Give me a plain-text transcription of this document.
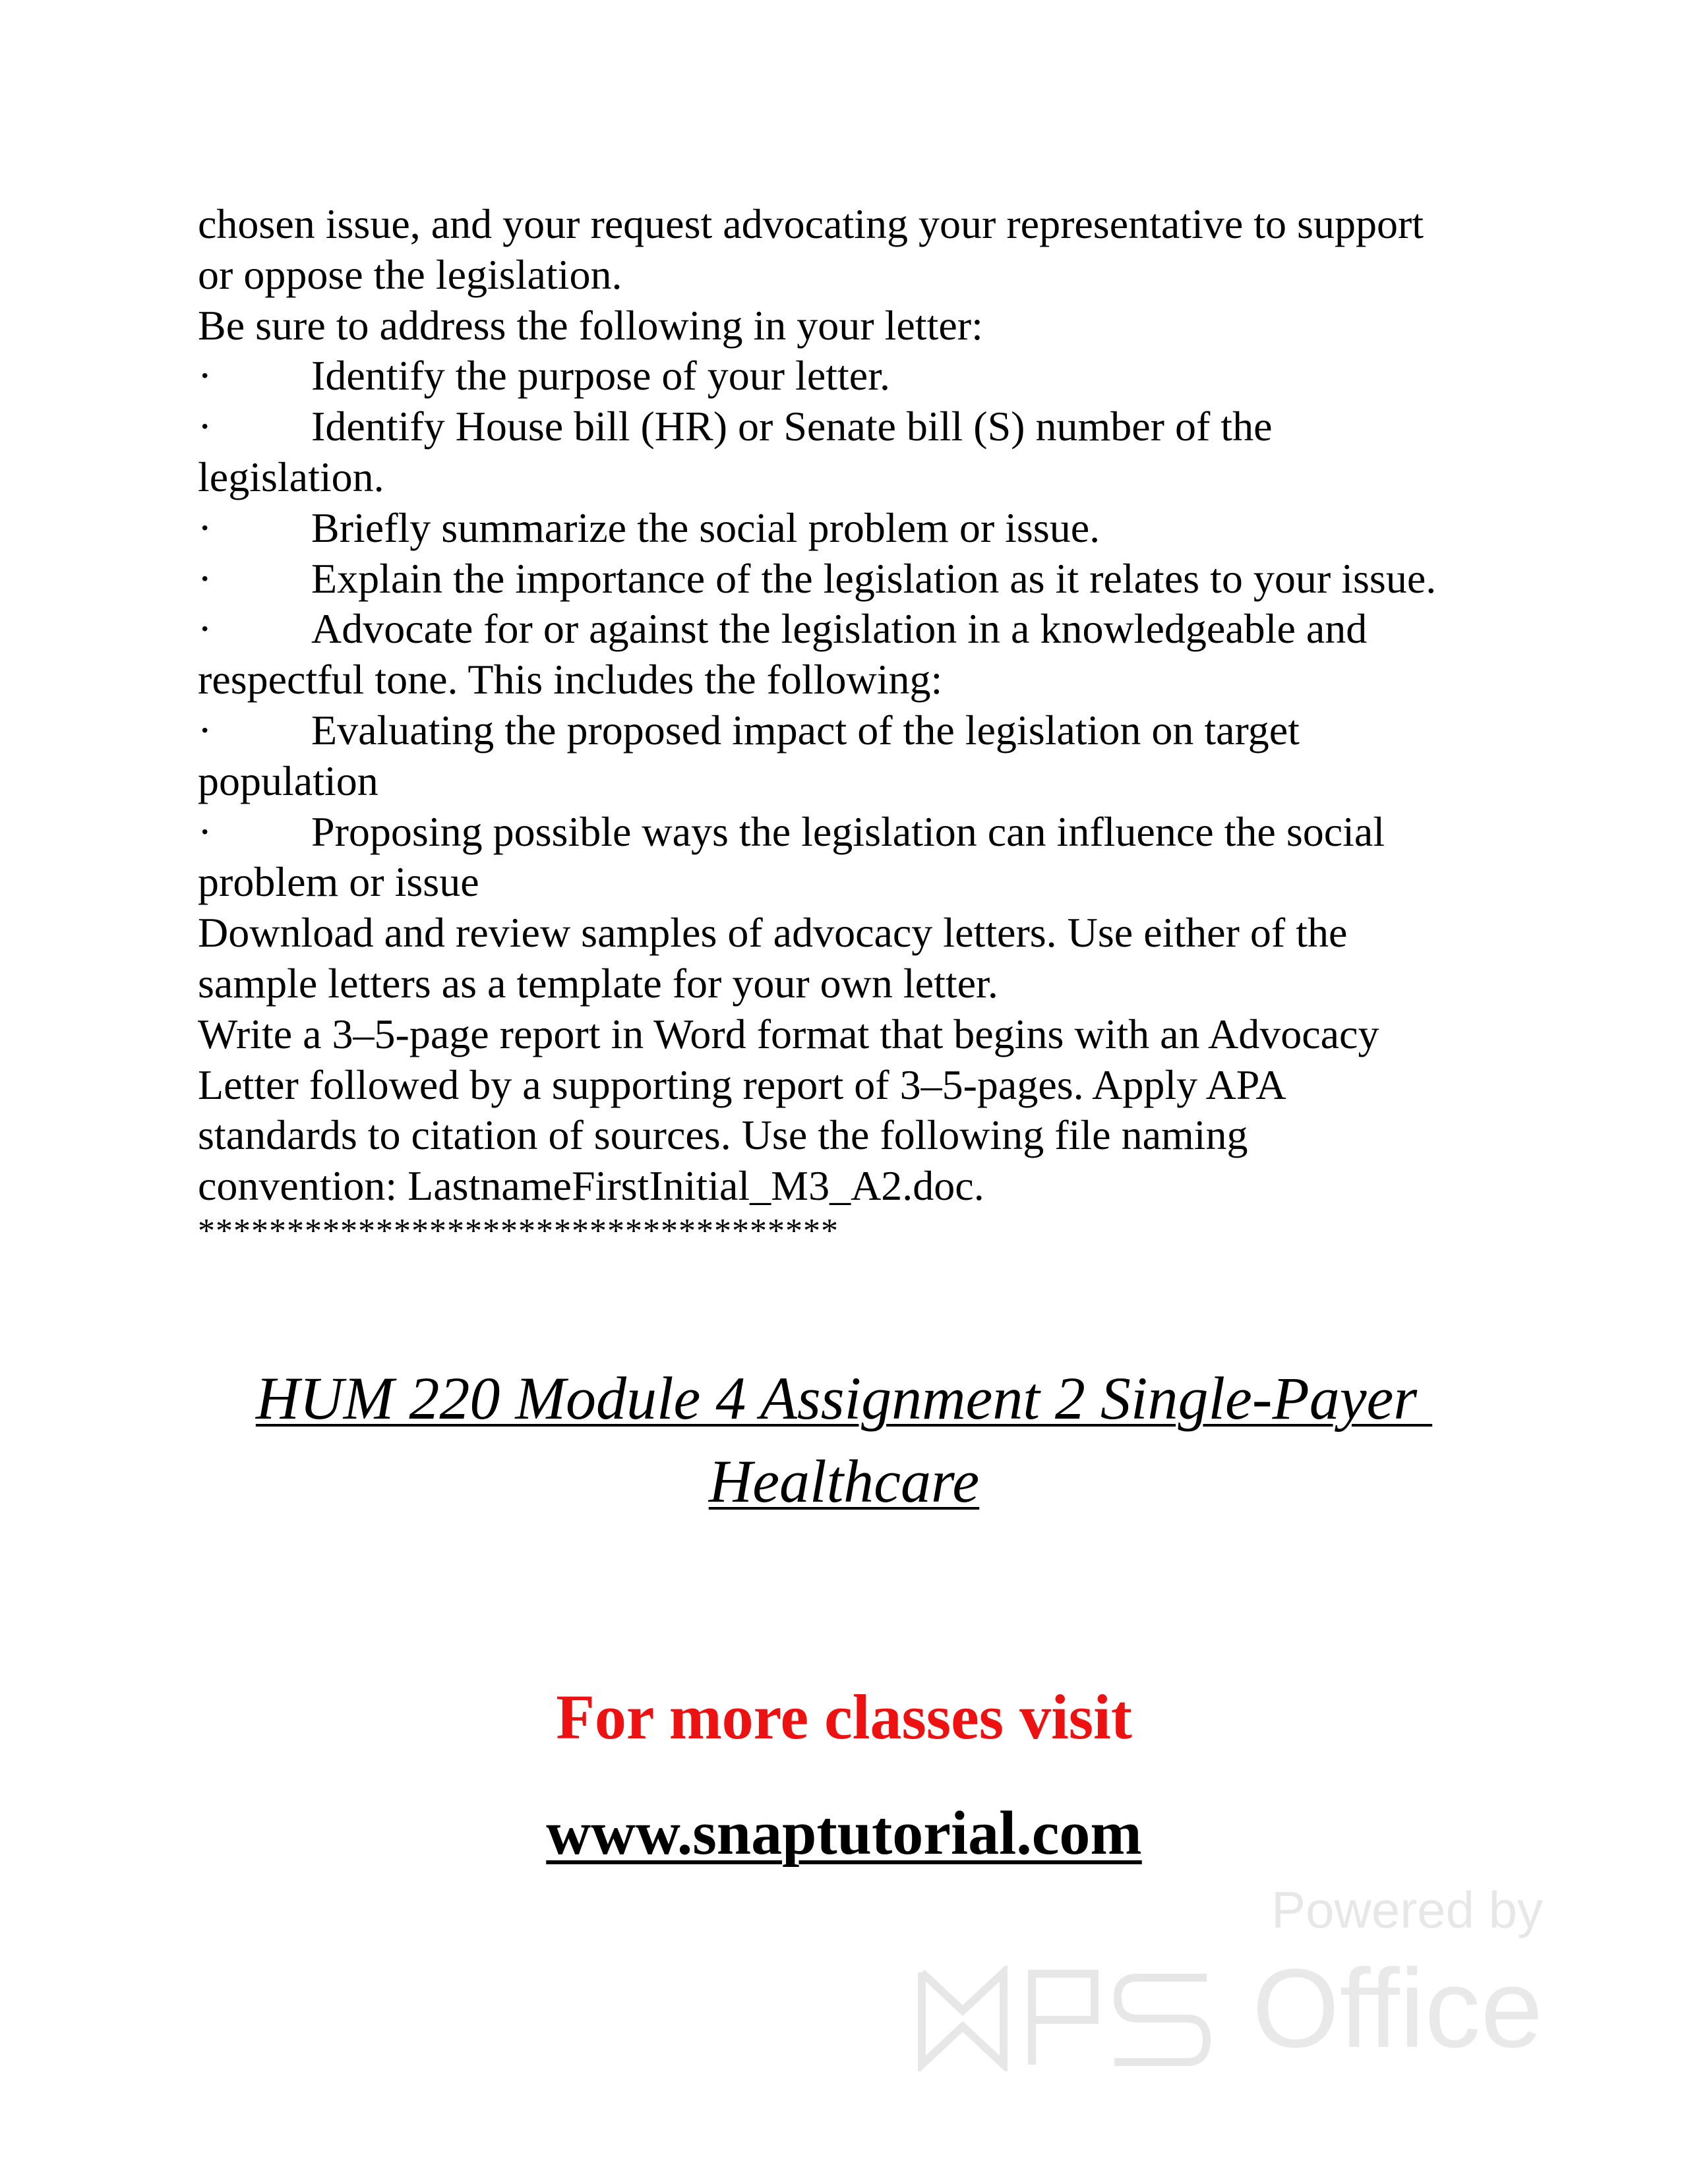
chosen issue, and your request advocating your representative to support
or oppose the legislation.
Be sure to address the following in your letter:
· Identify the purpose of your letter.
· Identify House bill (HR) or Senate bill (S) number of the
legislation.
· Briefly summarize the social problem or issue.
· Explain the importance of the legislation as it relates to your issue.
· Advocate for or against the legislation in a knowledgeable and
respectful tone. This includes the following:
· Evaluating the proposed impact of the legislation on target
population
· Proposing possible ways the legislation can influence the social
problem or issue
Download and review samples of advocacy letters. Use either of the
sample letters as a template for your own letter.
Write a 3–5-page report in Word format that begins with an Advocacy
Letter followed by a supporting report of 3–5-pages. Apply APA
standards to citation of sources. Use the following file naming
convention: LastnameFirstInitial_M3_A2.doc.
************************************
HUM 220 Module 4 Assignment 2 Single-Payer
Healthcare
For more classes visit
www.snaptutorial.com
Powered by
Office
